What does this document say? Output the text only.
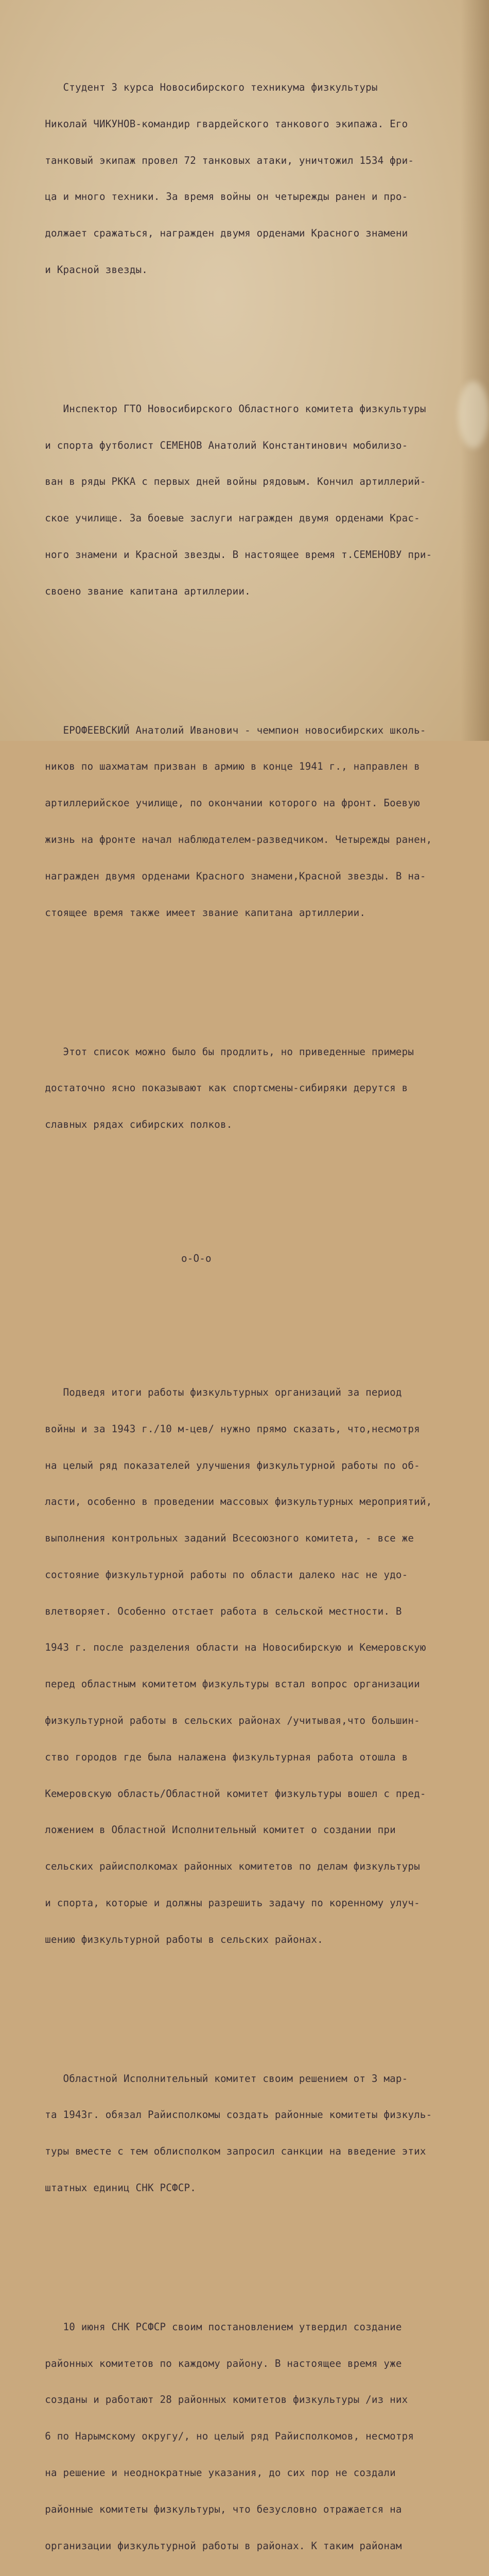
Студент 3 курса Новосибирского техникума физкультуры

Николай ЧИКУНОВ-командир гвардейского танкового экипажа. Его

танковый экипаж провел 72 танковых атаки, уничтожил 1534 фри-

ца и много техники. За время войны он четырежды ранен и про-

должает сражаться, награжден двумя орденами Красного знамени

и Красной звезды.

Инспектор ГТО Новосибирского Областного комитета физкультуры

и спорта футболист СЕМЕНОВ Анатолий Константинович мобилизо-

ван в ряды РККА с первых дней войны рядовым. Кончил артиллерий-

ское училище. За боевые заслуги награжден двумя орденами Крас-

ного знамени и Красной звезды. В настоящее время т.СЕМЕНОВУ при-

своено звание капитана артиллерии.

ЕРОФЕЕВСКИЙ Анатолий Иванович - чемпион новосибирских школь-

ников по шахматам призван в армию в конце 1941 г., направлен в

артиллерийское училище, по окончании которого на фронт. Боевую

жизнь на фронте начал наблюдателем-разведчиком. Четырежды ранен,

награжден двумя орденами Красного знамени,Красной звезды. В на-

стоящее время также имеет звание капитана артиллерии.

Этот список можно было бы продлить, но приведенные примеры

достаточно ясно показывают как спортсмены-сибиряки дерутся в

славных рядах сибирских полков.

о-О-о

Подведя итоги работы физкультурных организаций за период

войны и за 1943 г./10 м-цев/ нужно прямо сказать, что,несмотря

на целый ряд показателей улучшения физкультурной работы по об-

ласти, особенно в проведении массовых физкультурных мероприятий,

выполнения контрольных заданий Всесоюзного комитета, - все же

состояние физкультурной работы по области далеко нас не удо-

влетворяет. Особенно отстает работа в сельской местности. В

1943 г. после разделения области на Новосибирскую и Кемеровскую

перед областным комитетом физкультуры встал вопрос организации

физкультурной работы в сельских районах /учитывая,что большин-

ство городов где была налажена физкультурная работа отошла в

Кемеровскую область/Областной комитет физкультуры вошел с пред-

ложением в Областной Исполнительный комитет о создании при

сельских райисполкомах районных комитетов по делам физкультуры

и спорта, которые и должны разрешить задачу по коренному улуч-

шению физкультурной работы в сельских районах.

Областной Исполнительный комитет своим решением от 3 мар-

та 1943г. обязал Райисполкомы создать районные комитеты физкуль-

туры вместе с тем облисполком запросил санкции на введение этих

штатных единиц СНК РСФСР.

10 июня СНК РСФСР своим постановлением утвердил создание

районных комитетов по каждому району. В настоящее время уже

созданы и работают 28 районных комитетов физкультуры /из них

6 по Нарымскому округу/, но целый ряд Райисполкомов, несмотря

на решение и неоднократные указания, до сих пор не создали

районные комитеты физкультуры, что безусловно отражается на

организации физкультурной работы в районах. К таким районам
